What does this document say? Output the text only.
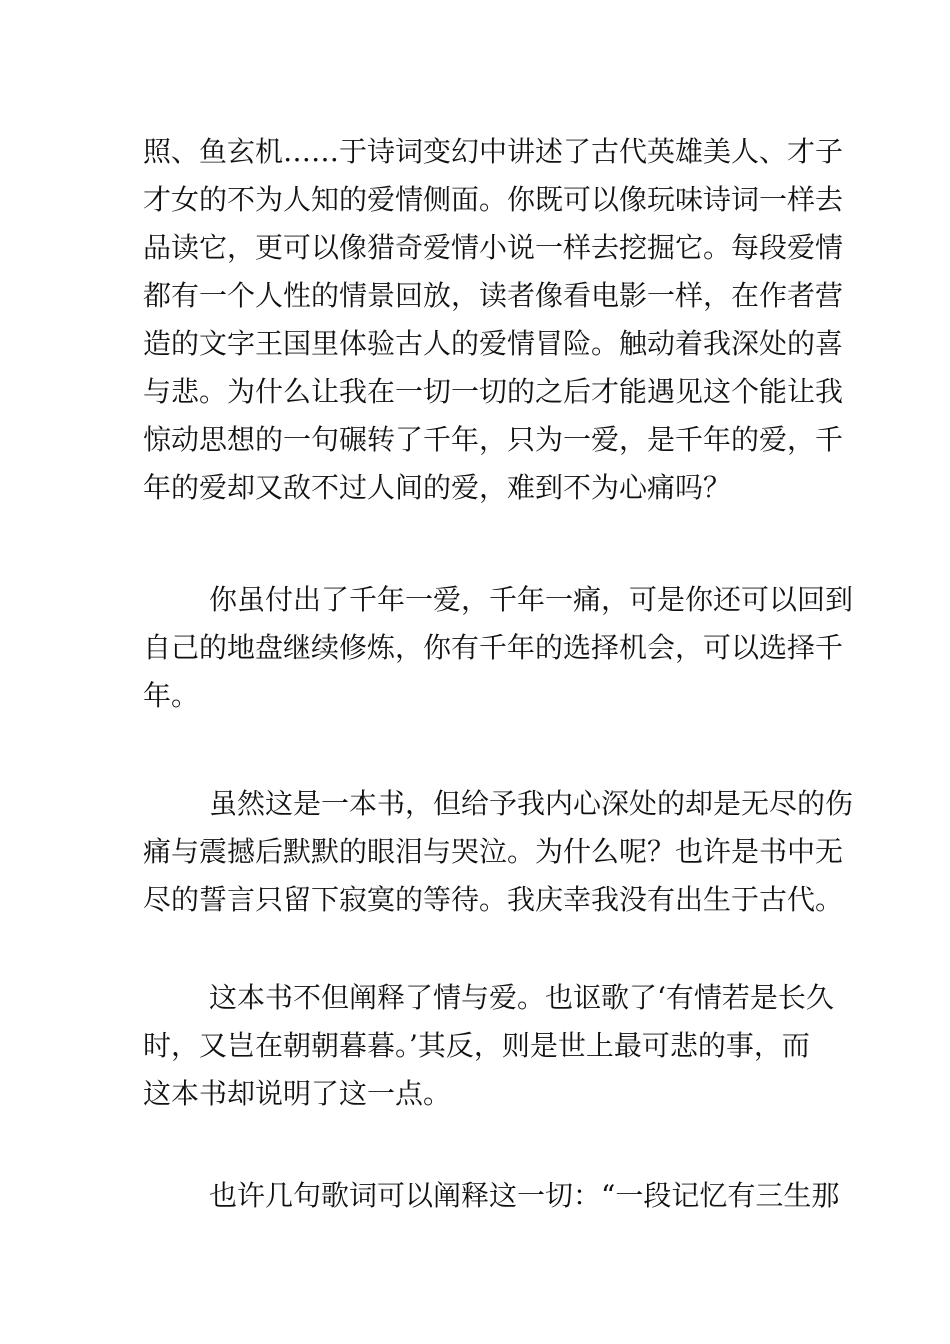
照、鱼玄机……于诗词变幻中讲述了古代英雄美人、才子
才女的不为人知的爱情侧面。你既可以像玩味诗词一样去
品读它，更可以像猎奇爱情小说一样去挖掘它。每段爱情
都有一个人性的情景回放，读者像看电影一样，在作者营
造的文字王国里体验古人的爱情冒险。触动着我深处的喜
与悲。为什么让我在一切一切的之后才能遇见这个能让我
惊动思想的一句碾转了千年，只为一爱，是千年的爱，千
年的爱却又敌不过人间的爱，难到不为心痛吗？
你虽付出了千年一爱，千年一痛，可是你还可以回到
自己的地盘继续修炼，你有千年的选择机会，可以选择千
年。
虽然这是一本书，但给予我内心深处的却是无尽的伤
痛与震撼后默默的眼泪与哭泣。为什么呢？也许是书中无
尽的誓言只留下寂寞的等待。我庆幸我没有出生于古代。
这本书不但阐释了情与爱。也讴歌了‘有情若是长久
时，又岂在朝朝暮暮。’其反，则是世上最可悲的事，而
这本书却说明了这一点。
也许几句歌词可以阐释这一切：“一段记忆有三生那
